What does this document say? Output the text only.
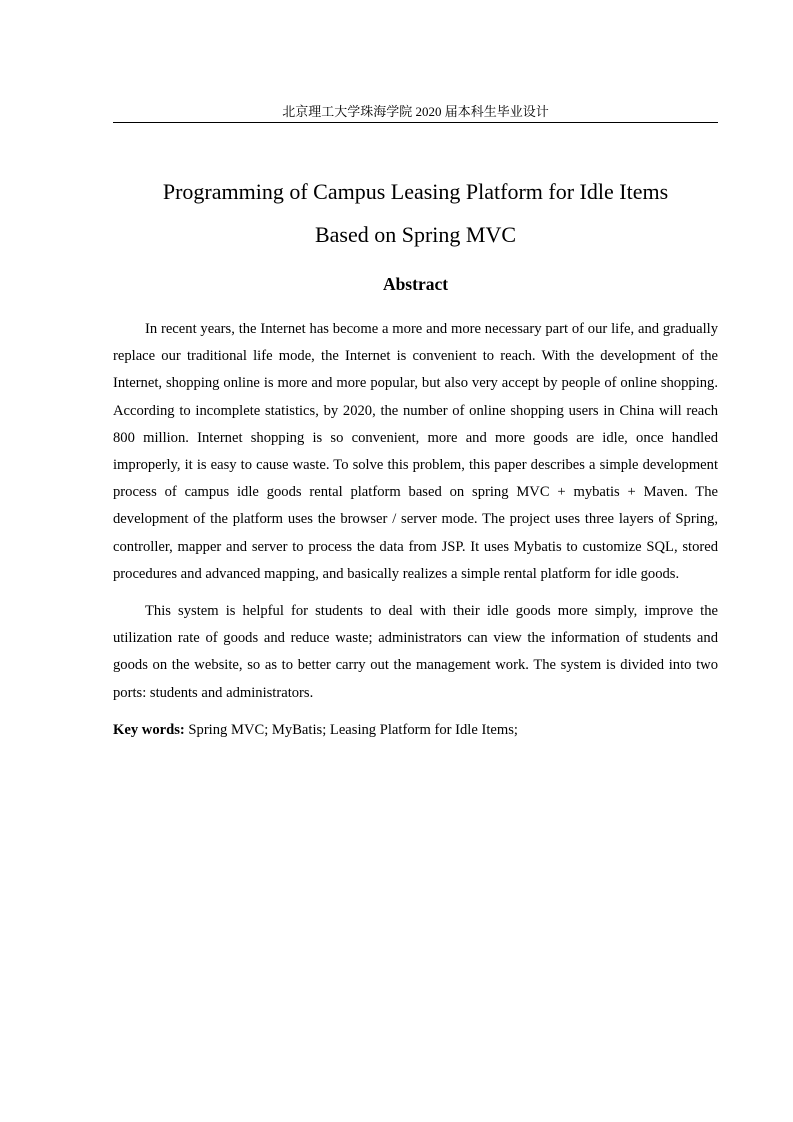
北京理工大学珠海学院 2020 届本科生毕业设计
Programming of Campus Leasing Platform for Idle Items
Based on Spring MVC
Abstract

In recent years, the Internet has become a more and more necessary part of our life, and gradually replace our traditional life mode, the Internet is convenient to reach. With the development of the Internet, shopping online is more and more popular, but also very accept by people of online shopping. According to incomplete statistics, by 2020, the number of online shopping users in China will reach 800 million. Internet shopping is so convenient, more and more goods are idle, once handled improperly, it is easy to cause waste. To solve this problem, this paper describes a simple development process of campus idle goods rental platform based on spring MVC + mybatis + Maven. The development of the platform uses the browser / server mode. The project uses three layers of Spring, controller, mapper and server to process the data from JSP. It uses Mybatis to customize SQL, stored procedures and advanced mapping, and basically realizes a simple rental platform for idle goods.

This system is helpful for students to deal with their idle goods more simply, improve the utilization rate of goods and reduce waste; administrators can view the information of students and goods on the website, so as to better carry out the management work. The system is divided into two ports: students and administrators.

Key words: Spring MVC; MyBatis; Leasing Platform for Idle Items;
